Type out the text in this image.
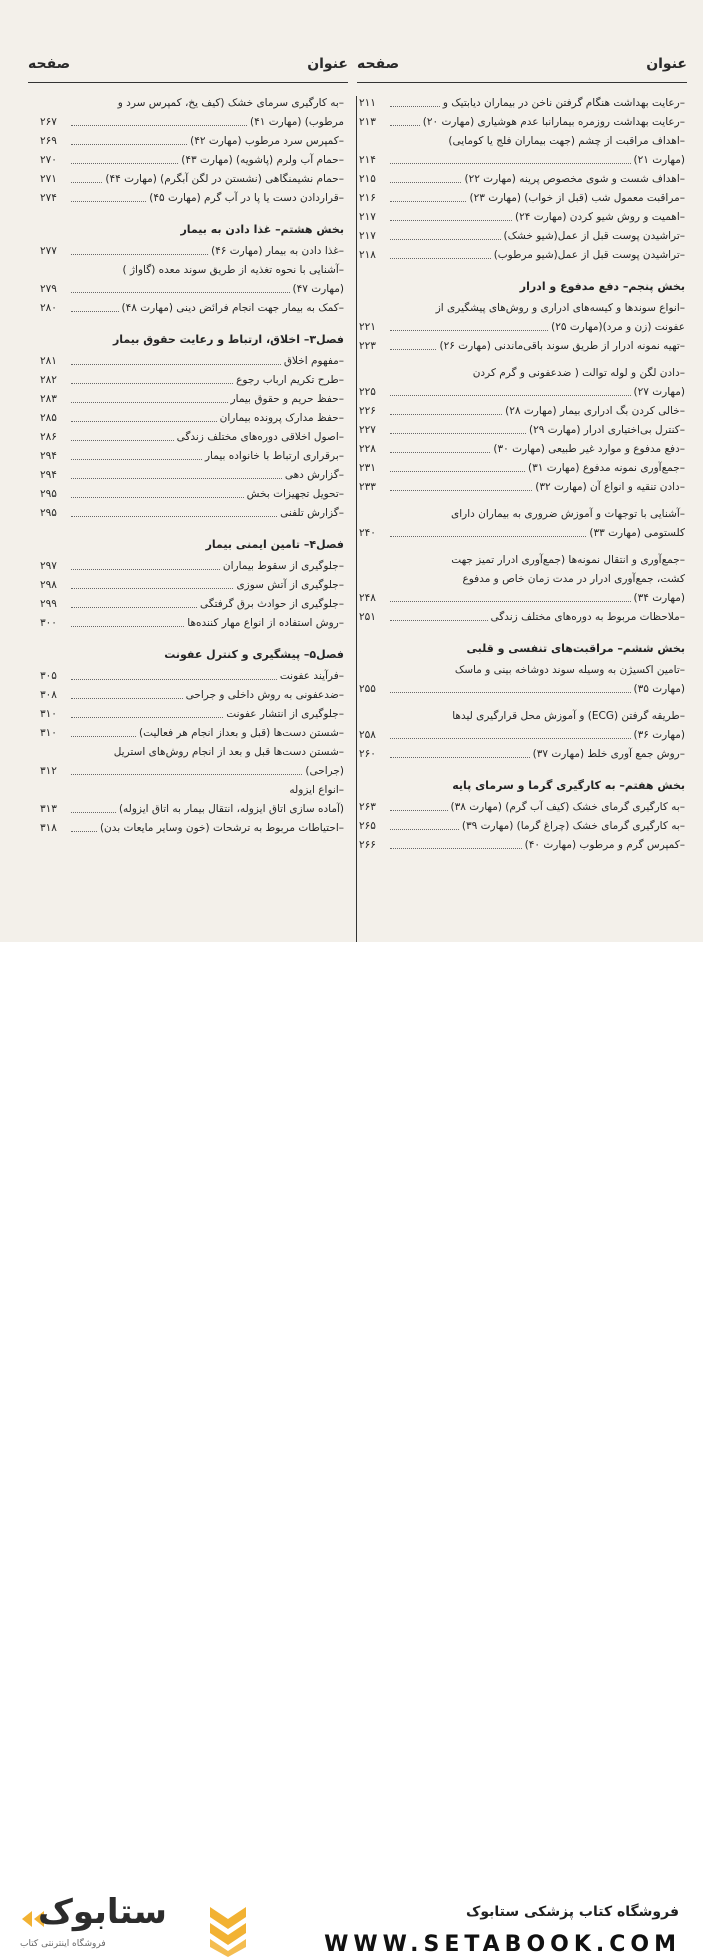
عنوان
صفحه
عنوان
صفحه
–رعایت بهداشت هنگام گرفتن ناخن در بیماران دیابتیک و
۲۱۱
–رعایت بهداشت روزمره بیمارانبا عدم هوشیاری (مهارت ۲۰)
۲۱۳
–اهداف مراقبت از چشم (جهت بیماران فلج یا کومایی)
(مهارت ۲۱)
۲۱۴
–اهداف شست و شوی مخصوص پرینه (مهارت ۲۲)
۲۱۵
–مراقبت معمول شب (قبل از خواب) (مهارت ۲۳)
۲۱۶
–اهمیت و روش شیو کردن (مهارت ۲۴)
۲۱۷
–تراشیدن پوست قبل از عمل(شیو خشک)
۲۱۷
–تراشیدن پوست قبل از عمل(شیو مرطوب)
۲۱۸
بخش پنجم– دفع مدفوع و ادرار
–انواع سوندها و کیسه‌های ادراری و روش‌های پیشگیری از
عفونت (زن و مرد)(مهارت ۲۵)
۲۲۱
–تهیه نمونه ادرار از طریق سوند باقی‌ماندنی (مهارت ۲۶)
۲۲۳
–دادن لگن و لوله توالت ( ضدعفونی و گرم کردن
(مهارت ۲۷)
۲۲۵
–خالی کردن بگ ادراری بیمار (مهارت ۲۸)
۲۲۶
–کنترل بی‌اختیاری ادرار (مهارت ۲۹)
۲۲۷
–دفع مدفوع و موارد غیر طبیعی (مهارت ۳۰)
۲۲۸
–جمع‌آوری نمونه مدفوع (مهارت ۳۱)
۲۳۱
–دادن تنقیه و انواع آن (مهارت ۳۲)
۲۳۳
–آشنایی با توجهات و آموزش ضروری به بیماران دارای
کلستومی (مهارت ۳۳)
۲۴۰
–جمع‌آوری و انتقال نمونه‌ها (جمع‌آوری ادرار تمیز جهت
کشت، جمع‌آوری ادرار در مدت زمان خاص و مدفوع
(مهارت ۳۴)
۲۴۸
–ملاحظات مربوط به دوره‌های مختلف زندگی
۲۵۱
بخش ششم– مراقبت‌های تنفسی و قلبی
–تامین اکسیژن به وسیله سوند دوشاخه بینی و ماسک
(مهارت ۳۵)
۲۵۵
–طریقه گرفتن (ECG) و آموزش محل قرارگیری لیدها
(مهارت ۳۶)
۲۵۸
–روش جمع آوری خلط (مهارت ۳۷)
۲۶۰
بخش هفتم– به کارگیری گرما و سرمای پایه
–به کارگیری گرمای خشک (کیف آب گرم) (مهارت ۳۸)
۲۶۳
–به کارگیری گرمای خشک (چراغ گرما) (مهارت ۳۹)
۲۶۵
–کمپرس گرم و مرطوب (مهارت ۴۰)
۲۶۶
–به کارگیری سرمای خشک (کیف یخ، کمپرس سرد و
مرطوب) (مهارت ۴۱)
۲۶۷
–کمپرس سرد مرطوب (مهارت ۴۲)
۲۶۹
–حمام آب ولرم (پاشویه) (مهارت ۴۳)
۲۷۰
–حمام نشیمنگاهی (نشستن در لگن آبگرم) (مهارت ۴۴)
۲۷۱
–قراردادن دست یا پا در آب گرم (مهارت ۴۵)
۲۷۴
بخش هشتم– غذا دادن به بیمار
–غذا دادن به بیمار (مهارت ۴۶)
۲۷۷
–آشنایی با نحوه تغذیه از طریق سوند معده (گاواژ )
(مهارت ۴۷)
۲۷۹
–کمک به بیمار جهت انجام فرائض دینی (مهارت ۴۸)
۲۸۰
فصل۳– اخلاق، ارتباط و رعایت حقوق بیمار
–مفهوم اخلاق
۲۸۱
–طرح تکریم ارباب رجوع
۲۸۲
–حفظ حریم و حقوق بیمار
۲۸۳
–حفظ مدارک پرونده بیماران
۲۸۵
–اصول اخلاقی دوره‌های مختلف زندگی
۲۸۶
–برقراری ارتباط با خانواده بیمار
۲۹۴
–گزارش دهی
۲۹۴
–تحویل تجهیزات بخش
۲۹۵
–گزارش تلفنی
۲۹۵
فصل۴– تامین ایمنی بیمار
–جلوگیری از سقوط بیماران
۲۹۷
–جلوگیری از آتش سوزی
۲۹۸
–جلوگیری از حوادث برق گرفتگی
۲۹۹
–روش استفاده از انواع مهار کننده‌ها
۳۰۰
فصل۵– پیشگیری و کنترل عفونت
–فرآیند عفونت
۳۰۵
–ضدعفونی به روش داخلی و جراحی
۳۰۸
–جلوگیری از انتشار عفونت
۳۱۰
–شستن دست‌ها (قبل و بعداز انجام هر فعالیت)
۳۱۰
–شستن دست‌ها قبل و بعد از انجام روش‌های استریل
(جراحی)
۳۱۲
–انواع ایزوله
(آماده سازی اتاق ایزوله، انتقال بیمار به اتاق ایزوله)
۳۱۳
–احتیاطات مربوط به ترشحات (خون وسایر مایعات بدن)
۳۱۸
ستابوک
فروشگاه اینترنتی کتاب
فروشگاه کتاب پزشکی ستابوک
WWW.SETABOOK.COM
